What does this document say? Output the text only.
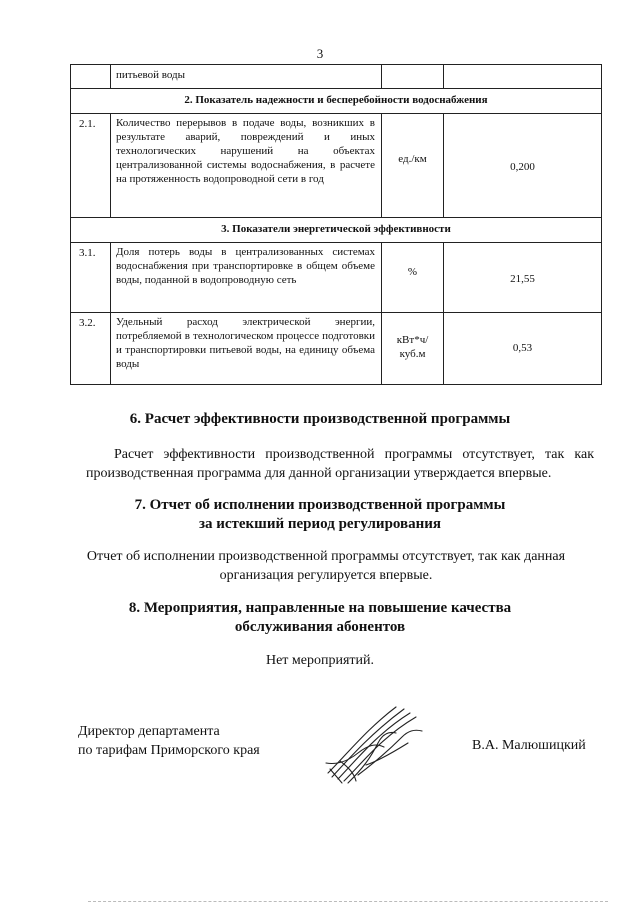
3

	питьевой воды		

2. Показатель надежности и бесперебойности водоснабжения			

2.1.	Количество перерывов в подаче воды, возникших в результате аварий, повреждений и иных технологических нарушений на объектах централизованной системы водоснабжения, в расчете на протяженность водопроводной сети в год	ед./км	0,200

3. Показатели энергетической эффективности			

3.1.	Доля потерь воды в централизованных системах водоснабжения при транспортировке в общем объеме воды, поданной в водопроводную сеть	%	21,55

3.2.	Удельный расход электрической энергии, потребляемой в технологическом процессе подготовки и транспортировки питьевой воды, на единицу объема воды	кВт*ч/ куб.м	0,53
6. Расчет эффективности производственной программы
Расчет эффективности производственной программы отсутствует, так как производственная программа для данной организации утверждается впервые.
7. Отчет об исполнении производственной программы
за истекший период регулирования
Отчет об исполнении производственной программы отсутствует, так как данная организация регулируется впервые.
8. Мероприятия, направленные на повышение качества
обслуживания абонентов
Нет мероприятий.
Директор департамента
по тарифам Приморского края	В.А. Малюшицкий
